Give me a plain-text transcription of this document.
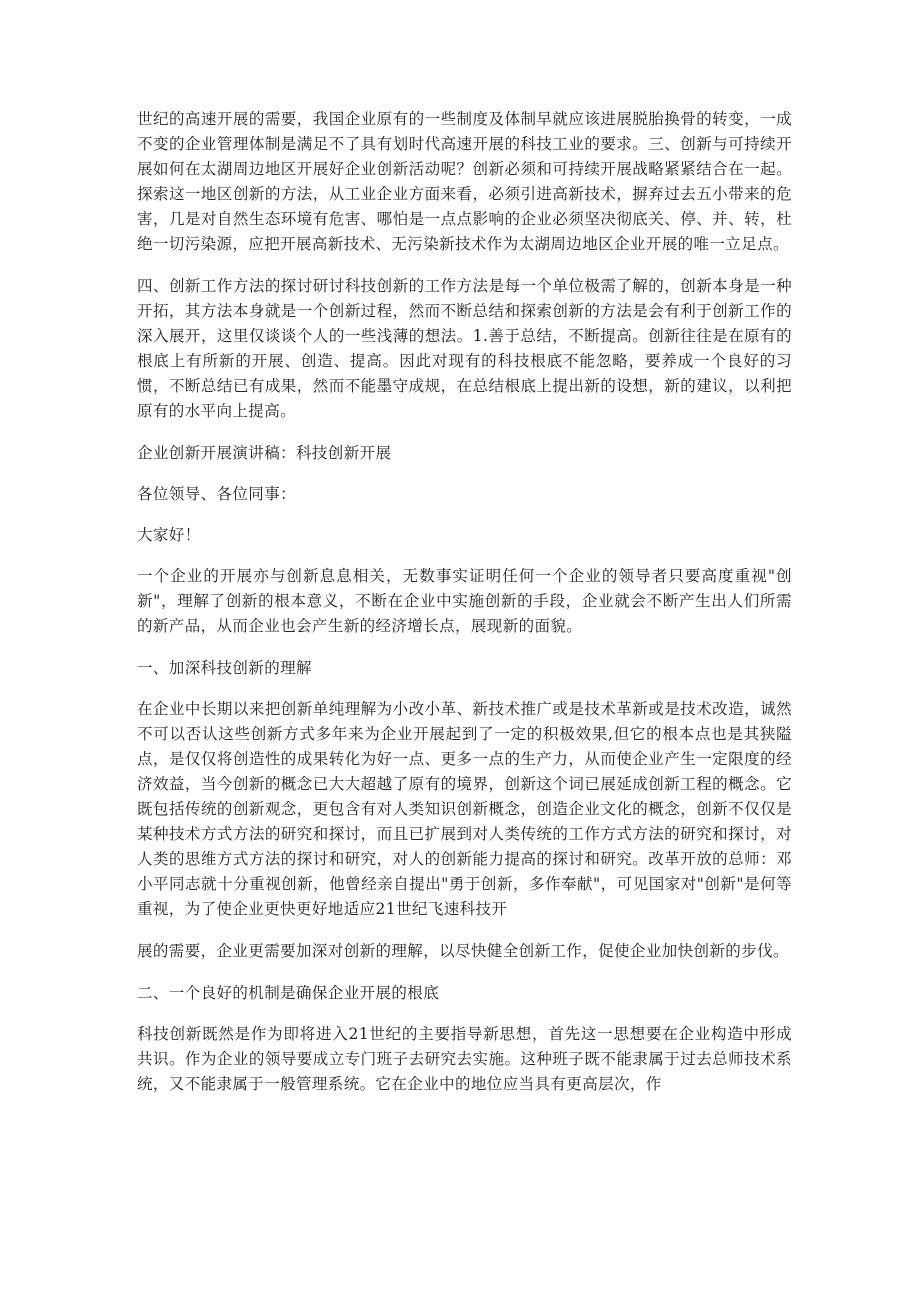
世纪的高速开展的需要，我国企业原有的一些制度及体制早就应该进展脱胎换骨的转变，一成不变的企业管理体制是满足不了具有划时代高速开展的科技工业的要求。三、创新与可持续开展如何在太湖周边地区开展好企业创新活动呢？创新必须和可持续开展战略紧紧结合在一起。探索这一地区创新的方法，从工业企业方面来看，必须引进高新技术，摒弃过去五小带来的危害，几是对自然生态环境有危害、哪怕是一点点影响的企业必须坚决彻底关、停、并、转，杜绝一切污染源，应把开展高新技术、无污染新技术作为太湖周边地区企业开展的唯一立足点。

四、创新工作方法的探讨研讨科技创新的工作方法是每一个单位极需了解的，创新本身是一种开拓，其方法本身就是一个创新过程，然而不断总结和探索创新的方法是会有利于创新工作的深入展开，这里仅谈谈个人的一些浅薄的想法。1.善于总结，不断提高。创新往往是在原有的根底上有所新的开展、创造、提高。因此对现有的科技根底不能忽略，要养成一个良好的习惯，不断总结已有成果，然而不能墨守成规，在总结根底上提出新的设想，新的建议，以利把原有的水平向上提高。

企业创新开展演讲稿：科技创新开展

各位领导、各位同事：

大家好！

一个企业的开展亦与创新息息相关，无数事实证明任何一个企业的领导者只要高度重视"创新"，理解了创新的根本意义，不断在企业中实施创新的手段，企业就会不断产生出人们所需的新产品，从而企业也会产生新的经济增长点，展现新的面貌。

一、加深科技创新的理解

在企业中长期以来把创新单纯理解为小改小革、新技术推广或是技术革新或是技术改造，诚然不可以否认这些创新方式多年来为企业开展起到了一定的积极效果,但它的根本点也是其狭隘点，是仅仅将创造性的成果转化为好一点、更多一点的生产力，从而使企业产生一定限度的经济效益，当今创新的概念已大大超越了原有的境界，创新这个词已展延成创新工程的概念。它既包括传统的创新观念，更包含有对人类知识创新概念，创造企业文化的概念，创新不仅仅是某种技术方式方法的研究和探讨，而且已扩展到对人类传统的工作方式方法的研究和探讨，对人类的思维方式方法的探讨和研究，对人的创新能力提高的探讨和研究。改革开放的总师：邓小平同志就十分重视创新，他曾经亲自提出"勇于创新，多作奉献"，可见国家对"创新"是何等重视，为了使企业更快更好地适应21世纪飞速科技开

展的需要，企业更需要加深对创新的理解，以尽快健全创新工作，促使企业加快创新的步伐。

二、一个良好的机制是确保企业开展的根底

科技创新既然是作为即将进入21世纪的主要指导新思想，首先这一思想要在企业构造中形成共识。作为企业的领导要成立专门班子去研究去实施。这种班子既不能隶属于过去总师技术系统，又不能隶属于一般管理系统。它在企业中的地位应当具有更高层次，作
